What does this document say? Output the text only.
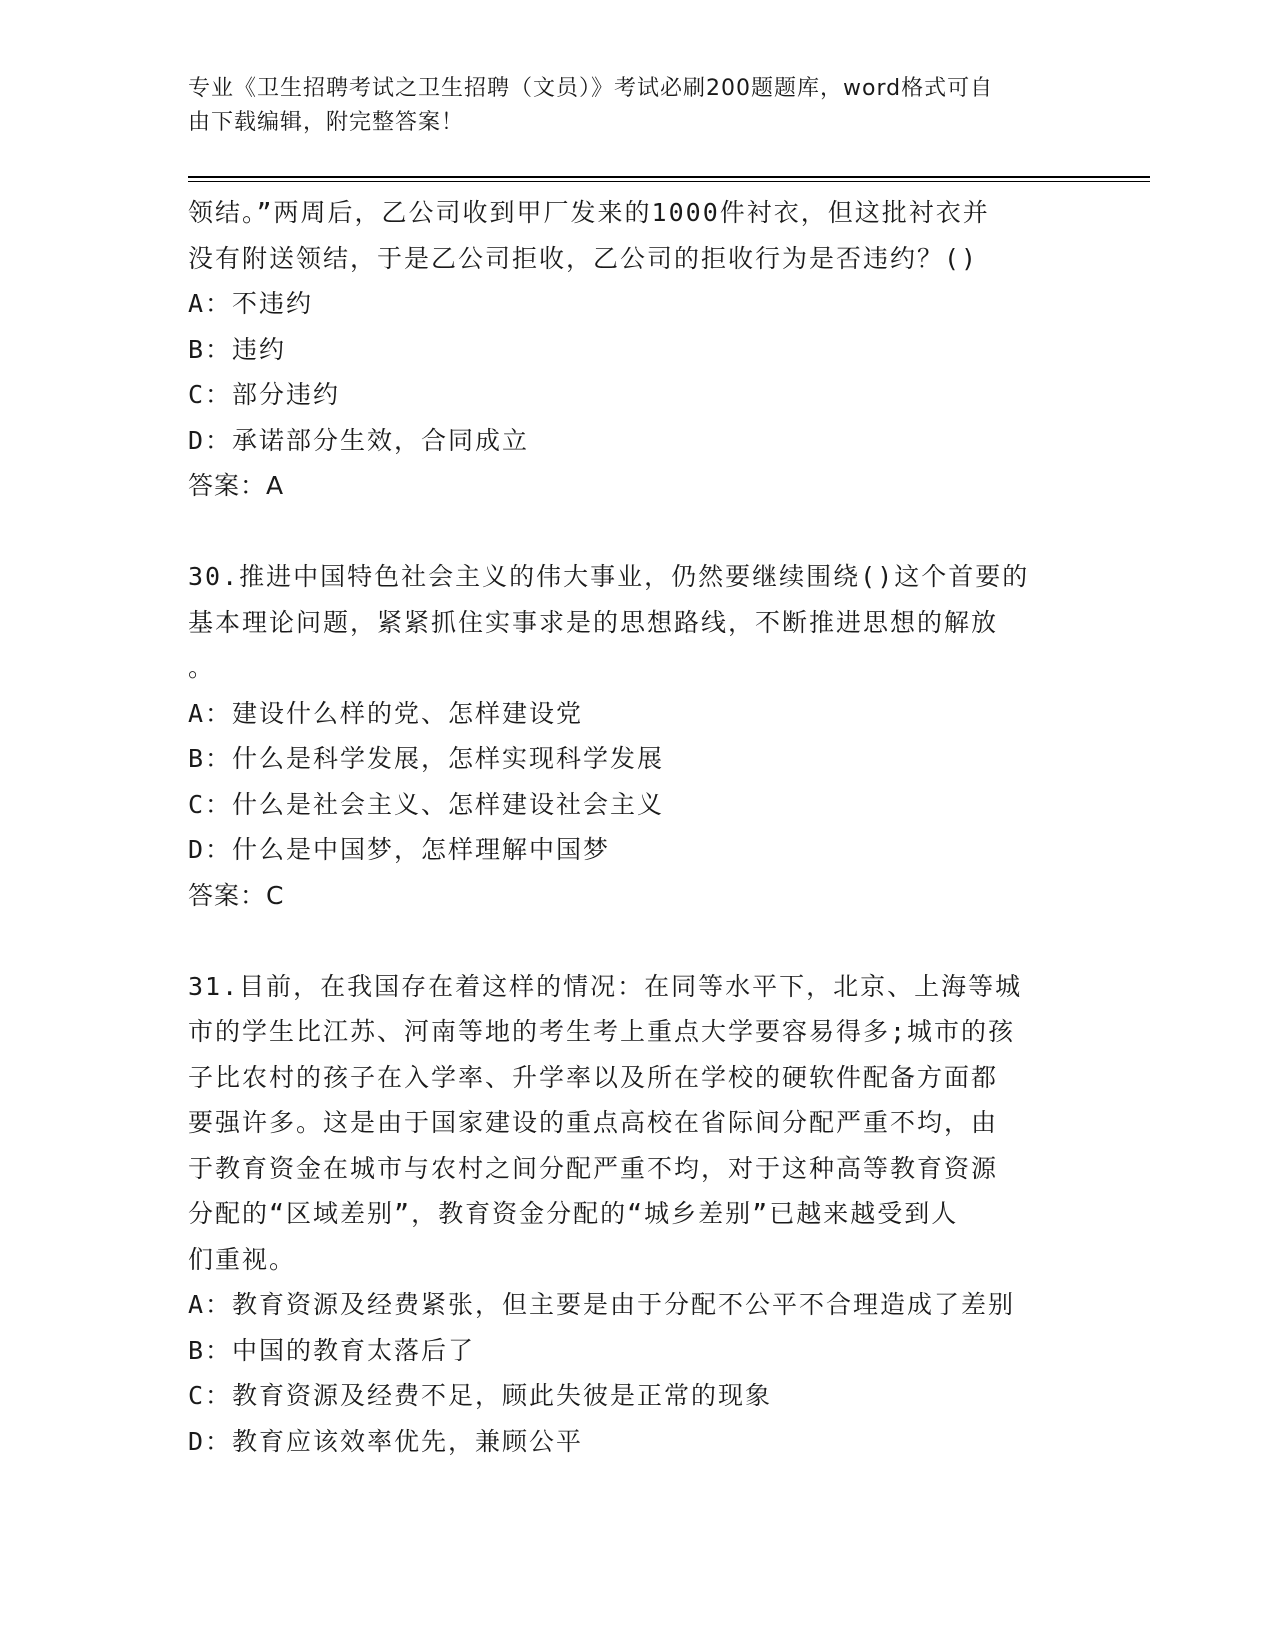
专业《卫生招聘考试之卫生招聘（文员）》考试必刷200题题库，word格式可自
由下载编辑，附完整答案！
领结。”两周后，乙公司收到甲厂发来的1000件衬衣，但这批衬衣并
没有附送领结，于是乙公司拒收，乙公司的拒收行为是否违约？()
A：不违约
B：违约
C：部分违约
D：承诺部分生效，合同成立
答案：A
30.推进中国特色社会主义的伟大事业，仍然要继续围绕()这个首要的
基本理论问题，紧紧抓住实事求是的思想路线，不断推进思想的解放
。
A：建设什么样的党、怎样建设党
B：什么是科学发展，怎样实现科学发展
C：什么是社会主义、怎样建设社会主义
D：什么是中国梦，怎样理解中国梦
答案：C
31.目前，在我国存在着这样的情况：在同等水平下，北京、上海等城
市的学生比江苏、河南等地的考生考上重点大学要容易得多;城市的孩
子比农村的孩子在入学率、升学率以及所在学校的硬软件配备方面都
要强许多。这是由于国家建设的重点高校在省际间分配严重不均，由
于教育资金在城市与农村之间分配严重不均，对于这种高等教育资源
分配的“区域差别”，教育资金分配的“城乡差别”已越来越受到人
们重视。
A：教育资源及经费紧张，但主要是由于分配不公平不合理造成了差别
B：中国的教育太落后了
C：教育资源及经费不足，顾此失彼是正常的现象
D：教育应该效率优先，兼顾公平
